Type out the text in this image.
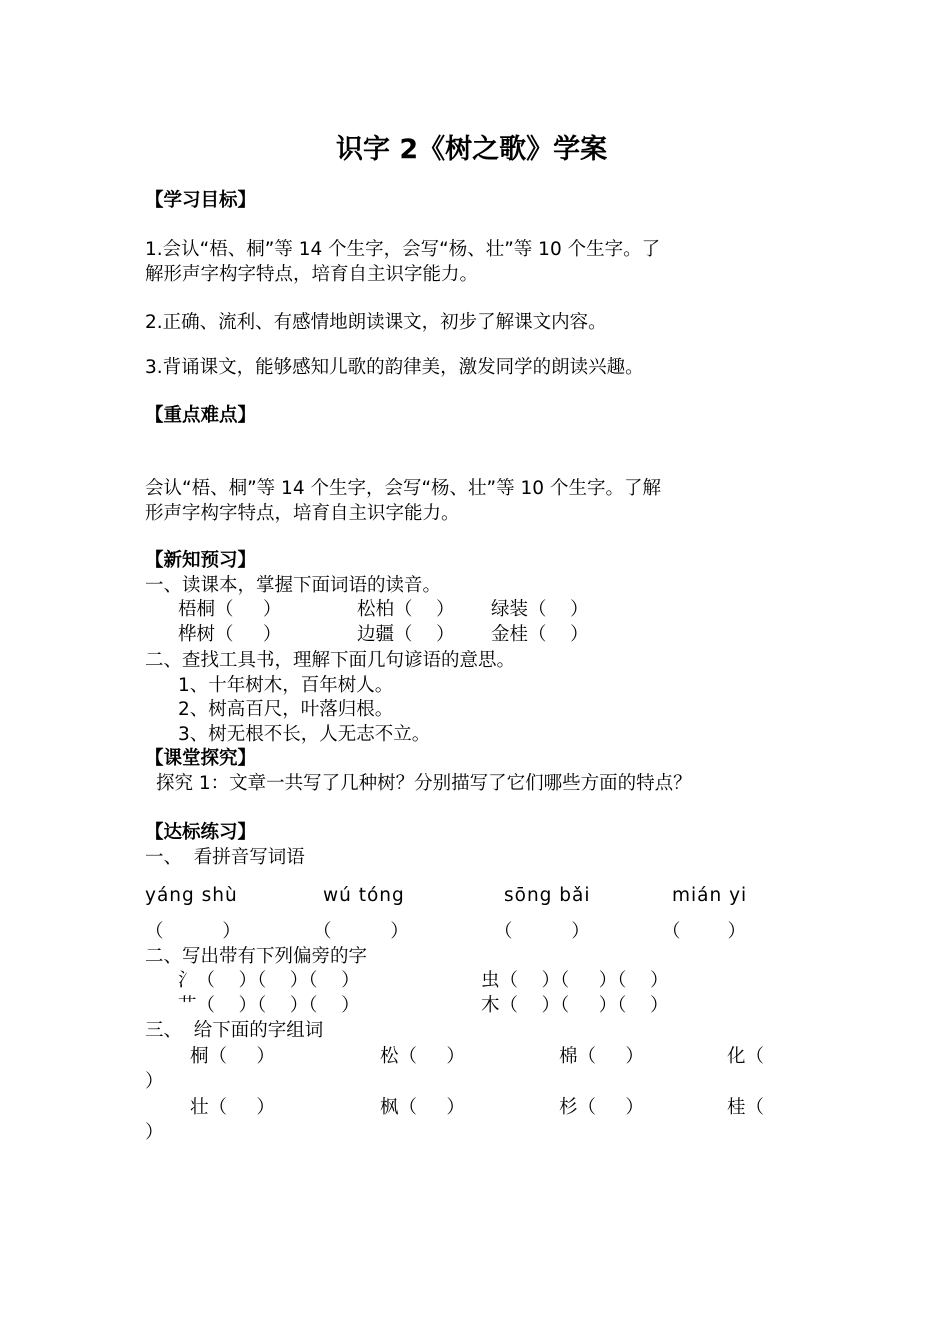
识字 2《树之歌》学案
【学习目标】
1.会认“梧、桐”等 14 个生字，会写“杨、壮”等 10 个生字。了
解形声字构字特点，培育自主识字能力。
2.正确、流利、有感情地朗读课文，初步了解课文内容。
3.背诵课文，能够感知儿歌的韵律美，激发同学的朗读兴趣。
【重点难点】
会认“梧、桐”等 14 个生字，会写“杨、壮”等 10 个生字。了解
形声字构字特点，培育自主识字能力。
【新知预习】
一、读课本，掌握下面词语的读音。
梧桐（     ）	松柏（    ） 绿装（    ）
桦树（     ）	边疆（    ） 金桂（    ）
二、查找工具书，理解下面几句谚语的意思。
1、十年树木，百年树人。
2、树高百尺，叶落归根。
3、树无根不长，人无志不立。
【课堂探究】
探究 1：文章一共写了几种树？分别描写了它们哪些方面的特点？
【达标练习】
一、  看拼音写词语
yáng shù	wú tóng	sōng bǎi	mián yi
（          ）	（          ）	（          ）	（        ）
二、写出带有下列偏旁的字
氵（    ）（    ）（    ）	虫（    ）（     ）（    ）
艹（    ）（    ）（    ）	木（    ）（     ）（    ）
三、  给下面的字组词
桐（     ）	松（     ）	棉（     ）	化（
）
壮（     ）	枫（     ）	杉（     ）	桂（
）
